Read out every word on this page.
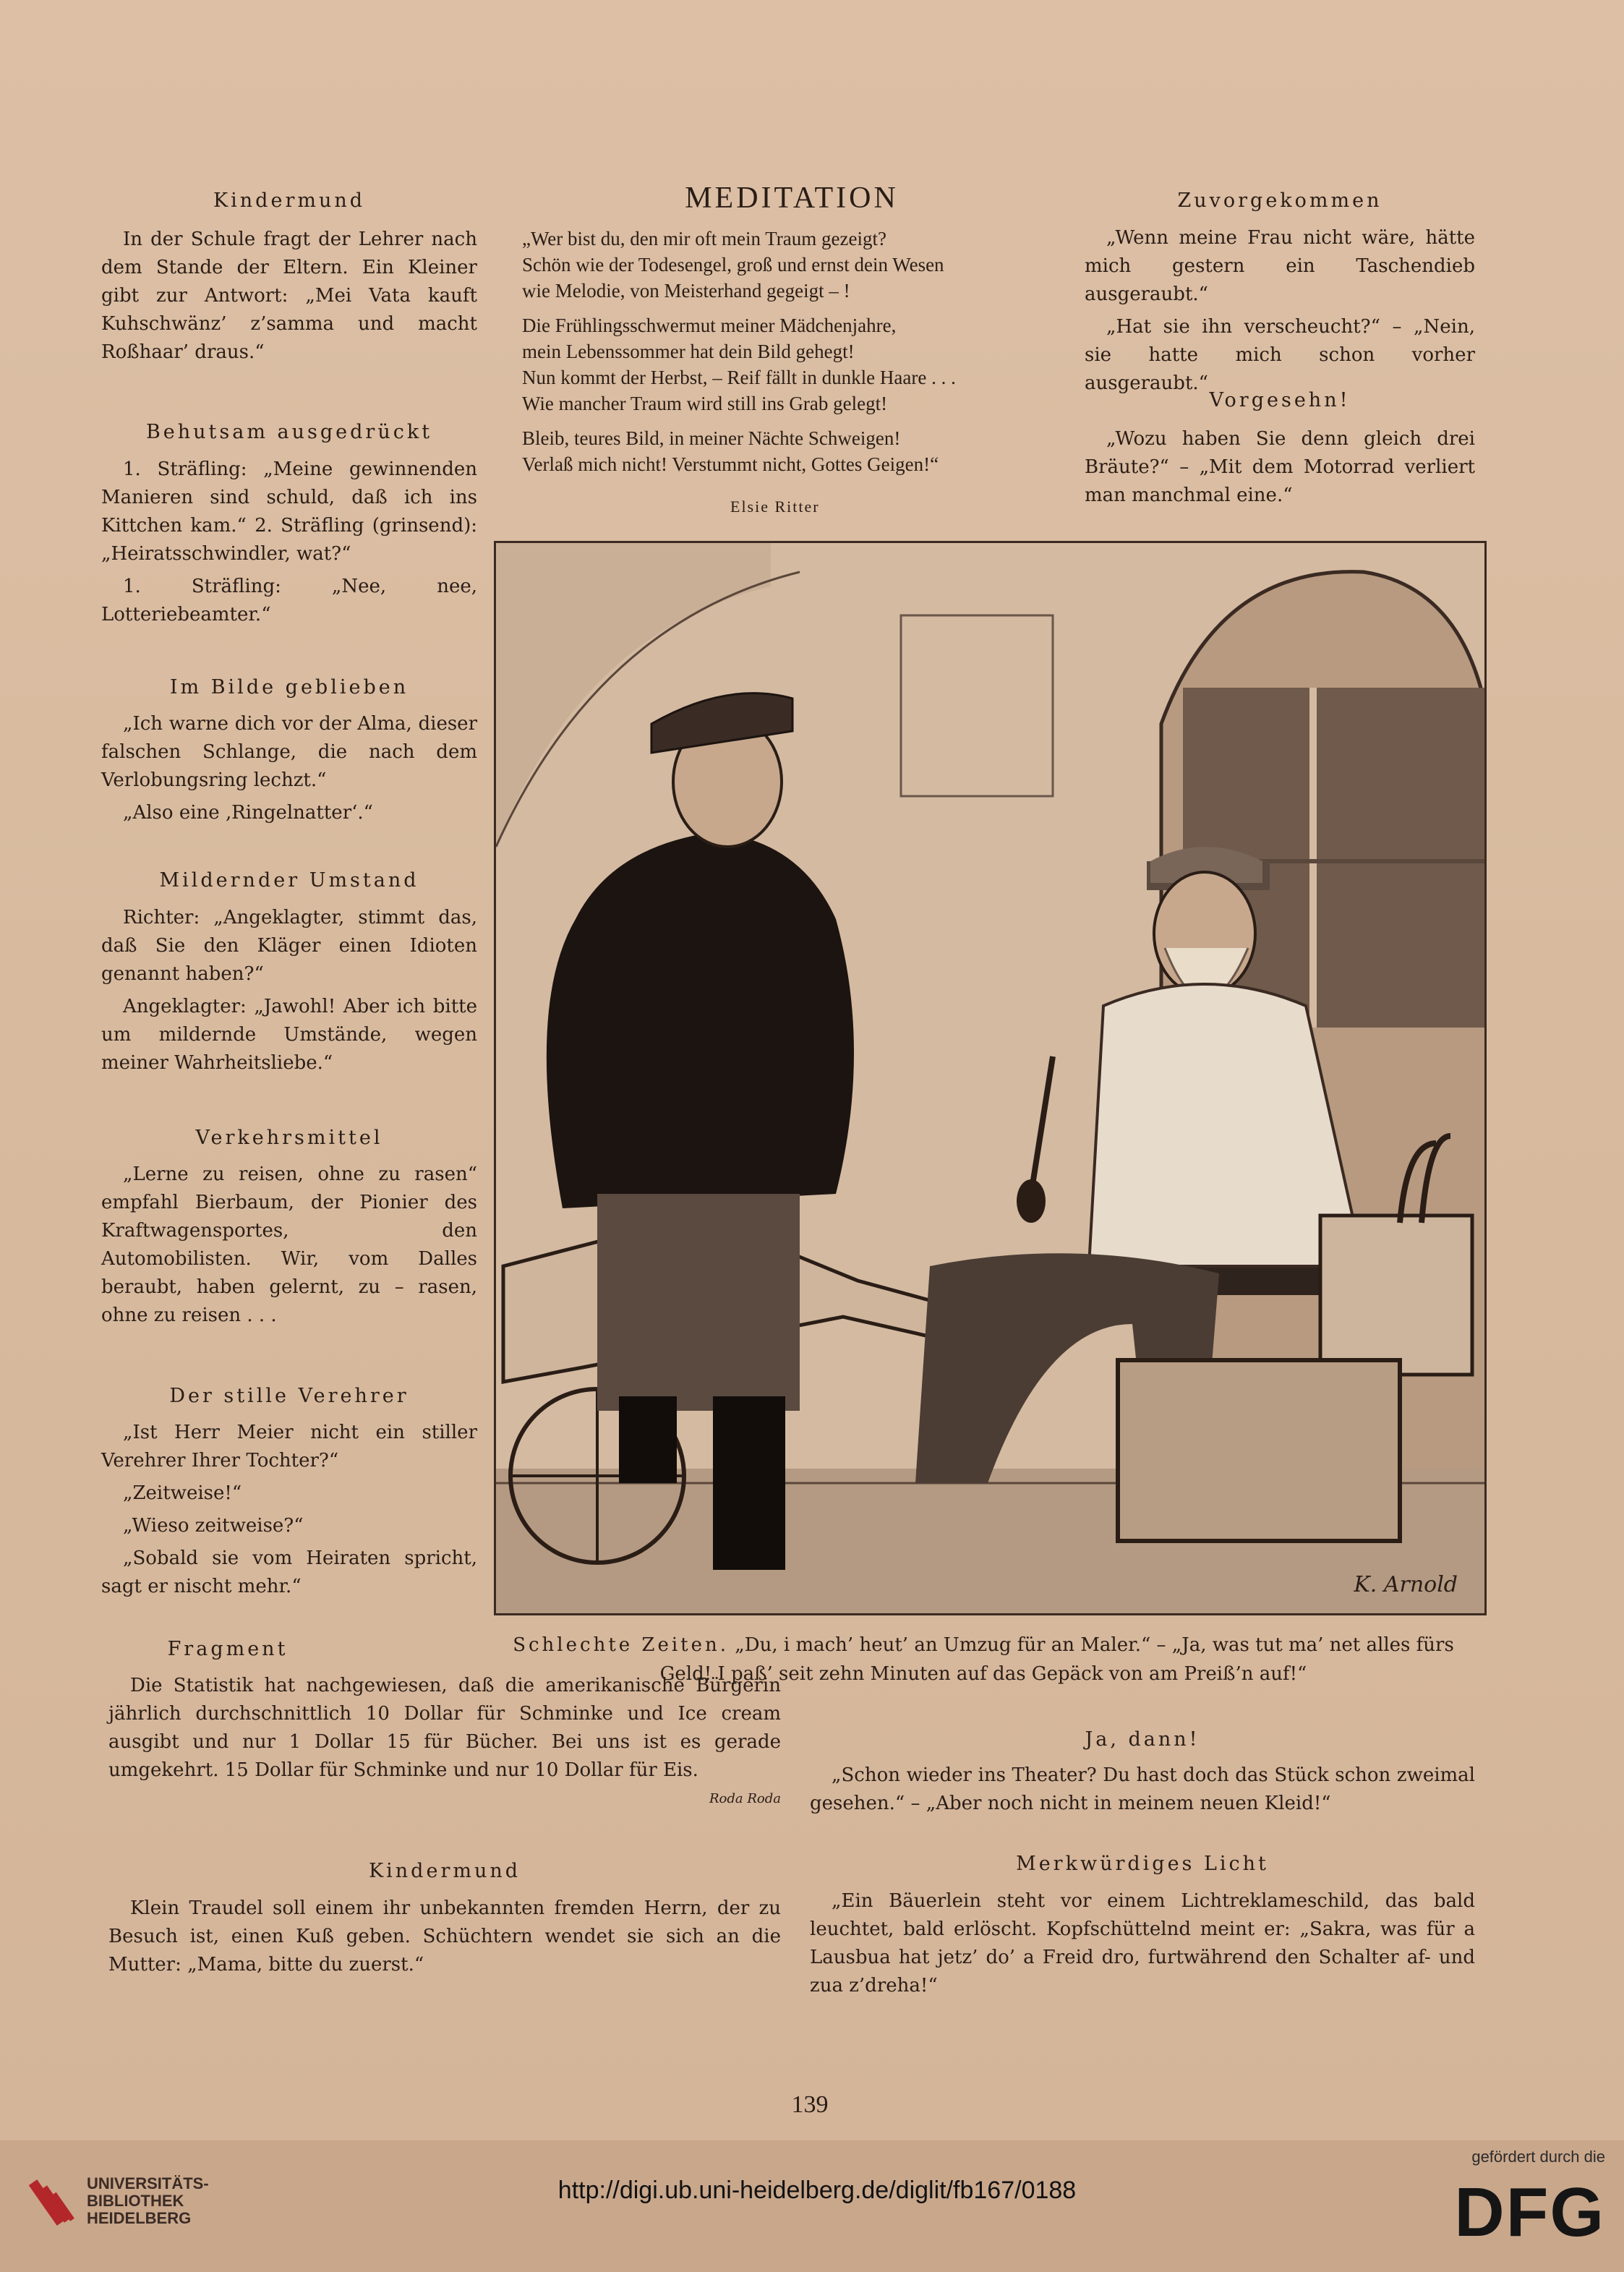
Kindermund

In der Schule fragt der Lehrer nach dem Stande der Eltern. Ein Kleiner gibt zur Antwort: „Mei Vata kauft Kuhschwänz’ z’samma und macht Roßhaar’ draus.“

Behutsam ausgedrückt

1. Sträfling: „Meine gewinnenden Manieren sind schuld, daß ich ins Kittchen kam.“ 2. Sträfling (grinsend): „Heiratsschwindler, wat?“

1. Sträfling: „Nee, nee, Lotteriebeamter.“

Im Bilde geblieben

„Ich warne dich vor der Alma, dieser falschen Schlange, die nach dem Verlobungsring lechzt.“

„Also eine ‚Ringelnatter‘.“

Mildernder Umstand

Richter: „Angeklagter, stimmt das, daß Sie den Kläger einen Idioten genannt haben?“

Angeklagter: „Jawohl! Aber ich bitte um mildernde Umstände, wegen meiner Wahrheitsliebe.“

Verkehrsmittel

„Lerne zu reisen, ohne zu rasen“ empfahl Bierbaum, der Pionier des Kraftwagensportes, den Automobilisten. Wir, vom Dalles beraubt, haben gelernt, zu – rasen, ohne zu reisen . . .

Der stille Verehrer

„Ist Herr Meier nicht ein stiller Verehrer Ihrer Tochter?“

„Zeitweise!“

„Wieso zeitweise?“

„Sobald sie vom Heiraten spricht, sagt er nischt mehr.“

MEDITATION
„Wer bist du, den mir oft mein Traum gezeigt?
Schön wie der Todesengel, groß und ernst dein Wesen
wie Melodie, von Meisterhand gegeigt – !
Die Frühlingsschwermut meiner Mädchenjahre,
mein Lebenssommer hat dein Bild gehegt!
Nun kommt der Herbst, – Reif fällt in dunkle Haare . . .
Wie mancher Traum wird still ins Grab gelegt!
Bleib, teures Bild, in meiner Nächte Schweigen!
Verlaß mich nicht! Verstummt nicht, Gottes Geigen!“
Elsie Ritter
Zuvorgekommen

„Wenn meine Frau nicht wäre, hätte mich gestern ein Taschendieb ausgeraubt.“

„Hat sie ihn verscheucht?“ – „Nein, sie hatte mich schon vorher ausgeraubt.“

Vorgesehn!

„Wozu haben Sie denn gleich drei Bräute?“ – „Mit dem Motorrad verliert man manchmal eine.“

K. Arnold
Schlechte Zeiten. „Du, i mach’ heut’ an Umzug für an Maler.“ – „Ja, was tut ma’ net alles fürs Geld! I paß’ seit zehn Minuten auf das Gepäck von am Preiß’n auf!“
Fragment

Die Statistik hat nachgewiesen, daß die amerikanische Bürgerin jährlich durchschnittlich 10 Dollar für Schminke und Ice cream ausgibt und nur 1 Dollar 15 für Bücher. Bei uns ist es gerade umgekehrt. 15 Dollar für Schminke und nur 10 Dollar für Eis.
Roda Roda

Kindermund

Klein Traudel soll einem ihr unbekannten fremden Herrn, der zu Besuch ist, einen Kuß geben. Schüchtern wendet sie sich an die Mutter: „Mama, bitte du zuerst.“

Ja, dann!

„Schon wieder ins Theater? Du hast doch das Stück schon zweimal gesehen.“ – „Aber noch nicht in meinem neuen Kleid!“

Merkwürdiges Licht

„Ein Bäuerlein steht vor einem Lichtreklameschild, das bald leuchtet, bald erlöscht. Kopfschüttelnd meint er: „Sakra, was für a Lausbua hat jetz’ do’ a Freid dro, furtwährend den Schalter af- und zua z’dreha!“

139
UNIVERSITÄTS-
BIBLIOTHEK
HEIDELBERG
http://digi.ub.uni-heidelberg.de/diglit/fb167/0188
gefördert durch die
DFG
